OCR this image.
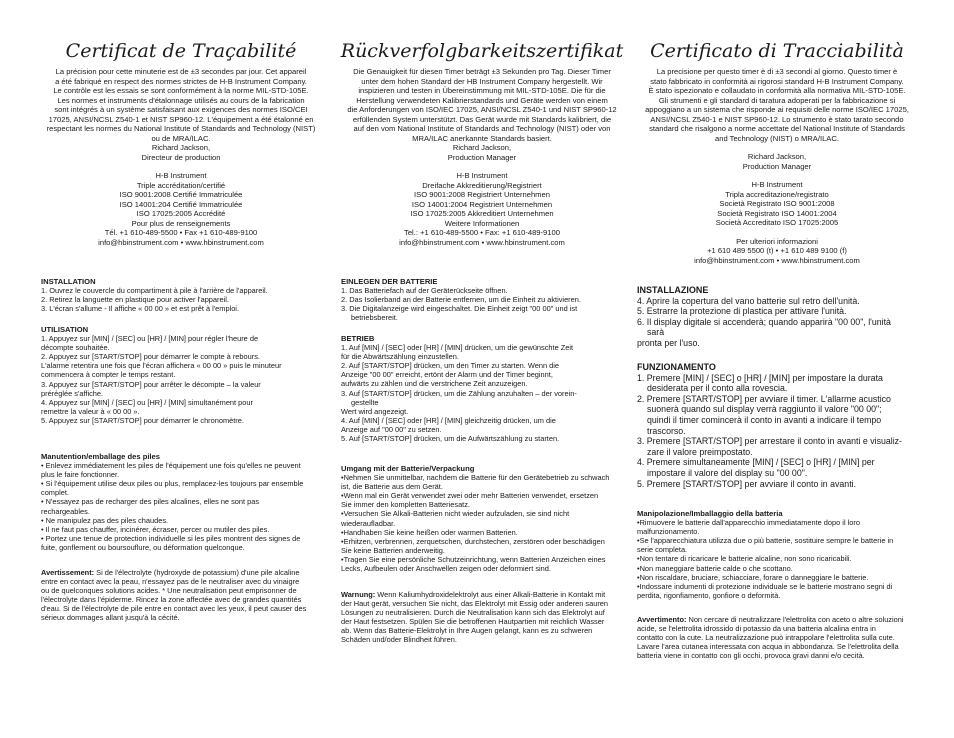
Certificat de Traçabilité

La précision pour cette minuterie est de ±3 secondes par jour. Cet appareil

a été fabriqué en respect des normes strictes de H-B Instrument Company.

Le contrôle est les essais se sont conformément à la norme MIL-STD-105E.

Les normes et instruments d'étalonnage utilisés au cours de la fabrication

sont intégrés à un système satisfaisant aux exigences des normes ISO/CEI

17025, ANSI/NCSL Z540-1 et NIST SP960-12. L'équipement a été étalonné en

respectant les normes du National Institute of Standards and Technology (NIST)

ou de MRA/ILAC.

Richard Jackson,

Directeur de production

H-B Instrument

Triple accréditation/certifié

ISO 9001:2008 Certifié Immatriculée

ISO 14001:204 Certifié Immatriculée

ISO 17025:2005 Accrédité

Pour plus de renseignements

Tél. +1 610-489-5500 • Fax +1 610-489-9100

info@hbinstrument.com • www.hbinstrument.com

INSTALLATION

1. Ouvrez le couvercle du compartiment à pile à l'arrière de l'appareil.

2. Retirez la languette en plastique pour activer l'appareil.

3. L'écran s'allume - Il affiche « 00 00 » et est prêt à l'emploi.

UTILISATION

1. Appuyez sur [MIN] / [SEC] ou [HR] / [MIN] pour régler l'heure de

décompte souhaitée.

2. Appuyez sur [START/STOP] pour démarrer le compte à rebours.

L'alarme retentira une fois que l'écran affichera « 00 00 » puis le minuteur

commencera à compter le temps restant.

3. Appuyez sur [START/STOP] pour arrêter le décompte – la valeur

préréglée s'affiche.

4. Appuyez sur [MIN] / [SEC] ou [HR] / [MIN] simultanément pour

remettre la valeur à « 00 00 ».

5. Appuyez sur [START/STOP] pour démarrer le chronomètre.

Manutention/emballage des piles

• Enlevez immédiatement les piles de l'équipement une fois qu'elles ne peuvent

plus le faire fonctionner.

• Si l'équipement utilise deux piles ou plus, remplacez-les toujours par ensemble

complet.

• N'essayez pas de recharger des piles alcalines, elles ne sont pas

rechargeables.

• Ne manipulez pas des piles chaudes.

• Il ne faut pas chauffer, incinérer, écraser, percer ou mutiler des piles.

• Portez une tenue de protection individuelle si les piles montrent des signes de

fuite, gonflement ou boursouflure, ou déformation quelconque.

Avertissement: Si de l'électrolyte (hydroxyde de potassium) d'une pile alcaline

entre en contact avec la peau, n'essayez pas de le neutraliser avec du vinaigre

ou de quelconques solutions acides. * Une neutralisation peut emprisonner de

l'électrolyte dans l'épiderme. Rincez la zone affectée avec de grandes quantités

d'eau. Si de l'électrolyte de pile entre en contact avec les yeux, il peut causer des

sérieux dommages allant jusqu'à la cécité.

Rückverfolgbarkeitszertifikat

Die Genauigkeit für diesen Timer beträgt ±3 Sekunden pro Tag. Dieser Timer

unter dem hohen Standard der HB Instrument Company hergestellt. Wir

inspizieren und testen in Übereinstimmung mit MIL-STD-105E. Die für die

Herstellung verwendeten Kalibrierstandards und Geräte werden von einem

die Anforderungen von ISO/IEC 17025, ANSI/NCSL Z540-1 und NIST SP960-12

erfüllenden System unterstützt. Das Gerät wurde mit Standards kalibriert, die

auf den vom National Institute of Standards and Technology (NIST) oder von

MRA/ILAC anerkannte Standards basiert.

Richard Jackson,

Production Manager

H-B Instrument

Dreifache Akkreditierung/Registriert

ISO 9001:2008 Registriert Unternehmen

ISO 14001:2004 Registriert Unternehmen

ISO 17025:2005 Akkreditiert Unternehmen

Weitere Informationen

Tel.: +1 610-489-5500 • Fax: +1 610-489-9100

info@hbinstrument.com • www.hbinstrument.com

EINLEGEN DER BATTERIE

1. Das Batteriefach auf der Geräterückseite öffnen.

2. Das Isolierband an der Batterie entfernen, um die Einheit zu aktivieren.

3. Die Digitalanzeige wird eingeschaltet. Die Einheit zeigt "00 00" und ist

betriebsbereit.

BETRIEB

1. Auf [MIN] / [SEC] oder [HR] / [MIN] drücken, um die gewünschte Zeit

für die Abwärtszählung einzustellen.

2. Auf [START/STOP] drücken, um den Timer zu starten. Wenn die

Anzeige "00 00" erreicht, ertönt der Alarm und der Timer beginnt,

aufwärts zu zählen und die verstrichene Zeit anzuzeigen.

3. Auf [START/STOP] drücken, um die Zählung anzuhalten – der vorein-

gestellte

Wert wird angezeigt.

4. Auf [MIN] / [SEC] oder [HR] / [MIN] gleichzeitig drücken, um die

Anzeige auf "00 00" zu setzen.

5. Auf [START/STOP] drücken, um die Aufwärtszählung zu starten.

Umgang mit der Batterie/Verpackung

•Nehmen Sie unmittelbar, nachdem die Batterie für den Gerätebetrieb zu schwach

ist, die Batterie aus dem Gerät.

•Wenn mal ein Gerät verwendet zwei oder mehr Batterien verwendet, ersetzen

Sie immer den kompletten Batteriesatz.

•Versuchen Sie Alkali-Batterien nicht wieder aufzuladen, sie sind nicht

wiederaufladbar.

•Handhaben Sie keine heißen oder warmen Batterien.

•Erhitzen, verbrennen, zerquetschen, durchstechen, zerstören oder beschädigen

Sie keine Batterien anderweitig.

•Tragen Sie eine persönliche Schutzeinrichtung, wenn Batterien Anzeichen eines

Lecks, Aufbeulen oder Anschwellen zeigen oder deformiert sind.

Warnung: Wenn Kaliumhydroxidelektrolyt aus einer Alkali-Batterie in Kontakt mit

der Haut gerät, versuchen Sie nicht, das Elektrolyt mit Essig oder anderen sauren

Lösungen zu neutralisieren. Durch die Neutralisation kann sich das Elektrolyt auf

der Haut festsetzen. Spülen Sie die betroffenen Hautpartien mit reichlich Wasser

ab. Wenn das Batterie-Elektrolyt in Ihre Augen gelangt, kann es zu schweren

Schäden und/oder Blindheit führen.

Certificato di Tracciabilità

La precisione per questo timer è di ±3 secondi al giorno. Questo timer è

stato fabbricato in conformità ai rigorosi standard H-B Instrument Company.

È stato ispezionato e collaudato in conformità alla normativa MIL-STD-105E.

Gli strumenti e gli standard di taratura adoperati per la fabbricazione si

appoggiano a un sistema che risponde ai requisiti delle norme ISO/IEC 17025,

ANSI/NCSL Z540-1 e NIST SP960-12. Lo strumento è stato tarato secondo

standard che risalgono a norme accettate del National Institute of Standards

and Technology (NIST) o MRA/ILAC.

Richard Jackson,

Production Manager

H-B Instrument

Tripla accreditazione/registrato

Società Registrato ISO 9001:2008

Società Registrato ISO 14001:2004

Società Accreditato ISO 17025:2005

Per ulteriori informazioni

+1 610 489 5500 (t) • +1 610 489 9100 (f)

info@hbinstrument.com • www.hbinstrument.com

INSTALLAZIONE

4. Aprire la copertura del vano batterie sul retro dell'unità.

5. Estrarre la protezione di plastica per attivare l'unità.

6. Il display digitale si accenderà; quando apparirà "00 00", l'unità

sarà

pronta per l'uso.

FUNZIONAMENTO

1. Premere [MIN] / [SEC] o [HR] / [MIN] per impostare la durata

desiderata per il conto alla rovescia.

2. Premere [START/STOP] per avviare il timer. L'allarme acustico

suonerà quando sul display verrà raggiunto il valore "00 00";

quindi il timer comincerà il conto in avanti a indicare il tempo

trascorso.

3. Premere [START/STOP] per arrestare il conto in avanti e visualiz-

zare il valore preimpostato.

4. Premere simultaneamente [MIN] / [SEC] o [HR] / [MIN] per

impostare il valore del display su "00 00".

5. Premere [START/STOP] per avviare il conto in avanti.

Manipolazione/Imballaggio della batteria

•Rimuovere le batterie dall'apparecchio immediatamente dopo il loro

malfunzionamento.

•Se l'apparecchiatura utilizza due o più batterie, sostituire sempre le batterie in

serie completa.

•Non tentare di ricaricare le batterie alcaline, non sono ricaricabili.

•Non maneggiare batterie calde o che scottano.

•Non riscaldare, bruciare, schiacciare, forare o danneggiare le batterie.

•Indossare indumenti di protezione individuale se le batterie mostrano segni di

perdita, rigonfiamento, gonfiore o deformità.

Avvertimento: Non cercare di neutralizzare l'elettrolita con aceto o altre soluzioni

acide, se l'elettrolita idrossido di potassio da una batteria alcalina entra in

contatto con la cute. La neutralizzazione può intrappolare l'elettrolita sulla cute.

Lavare l'area cutanea interessata con acqua in abbondanza. Se l'elettrolita della

batteria viene in contatto con gli occhi, provoca gravi danni e/o cecità.
